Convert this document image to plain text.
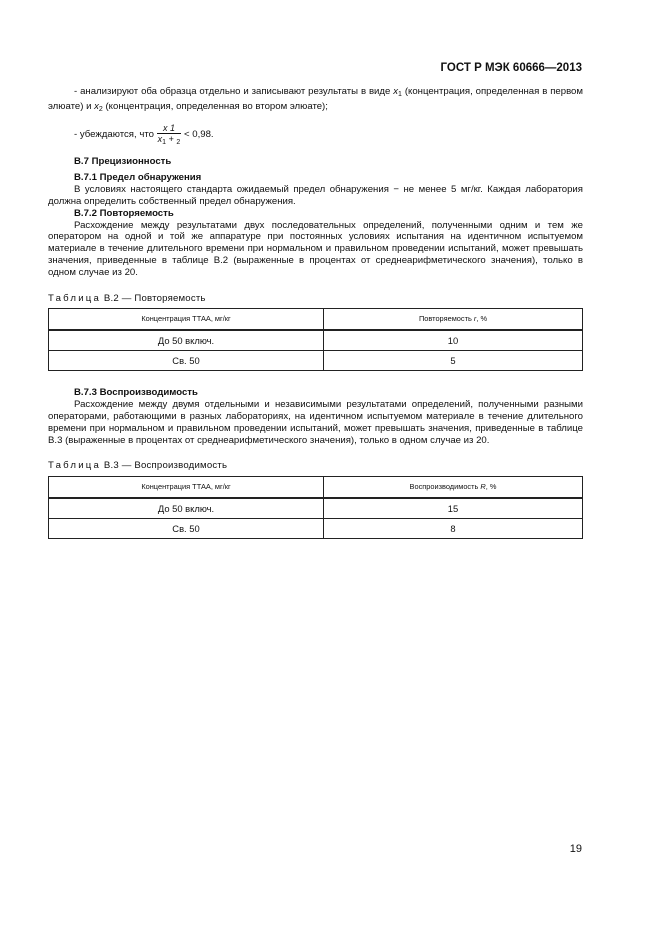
ГОСТ Р МЭК 60666—2013

- анализируют оба образца отдельно и записывают результаты в виде $x_1$ (концентрация, определенная в первом элюате) и $x_2$ (концентрация, определенная во втором элюате);

- убеждаются, что $\frac{x 1}{x_1 + _2} < 0,98$.

В.7 Прецизионность

В.7.1 Предел обнаружения

В условиях настоящего стандарта ожидаемый предел обнаружения − не менее 5 мг/кг. Каждая лаборатория должна определить собственный предел обнаружения.

В.7.2 Повторяемость

Расхождение между результатами двух последовательных определений, полученными одним и тем же оператором на одной и той же аппаратуре при постоянных условиях испытания на идентичном испытуемом материале в течение длительного времени при нормальном и правильном проведении испытаний, может превышать значения, приведенные в таблице В.2 (выраженные в процентах от среднеарифметического значения), только в одном случае из 20.

Таблица В.2 — Повторяемость
Концентрация ТТАА, мг/кг	Повторяемость r, %
До 50 включ.	10
Св. 50	5

В.7.3 Воспроизводимость

Расхождение между двумя отдельными и независимыми результатами определений, полученными разными операторами, работающими в разных лабораториях, на идентичном испытуемом материале в течение длительного времени при нормальном и правильном проведении испытаний, может превышать значения, приведенные в таблице В.3 (выраженные в процентах от среднеарифметического значения), только в одном случае из 20.

Таблица В.3 — Воспроизводимость
Концентрация ТТАА, мг/кг	Воспроизводимость R, %
До 50 включ.	15
Св. 50	8
19
